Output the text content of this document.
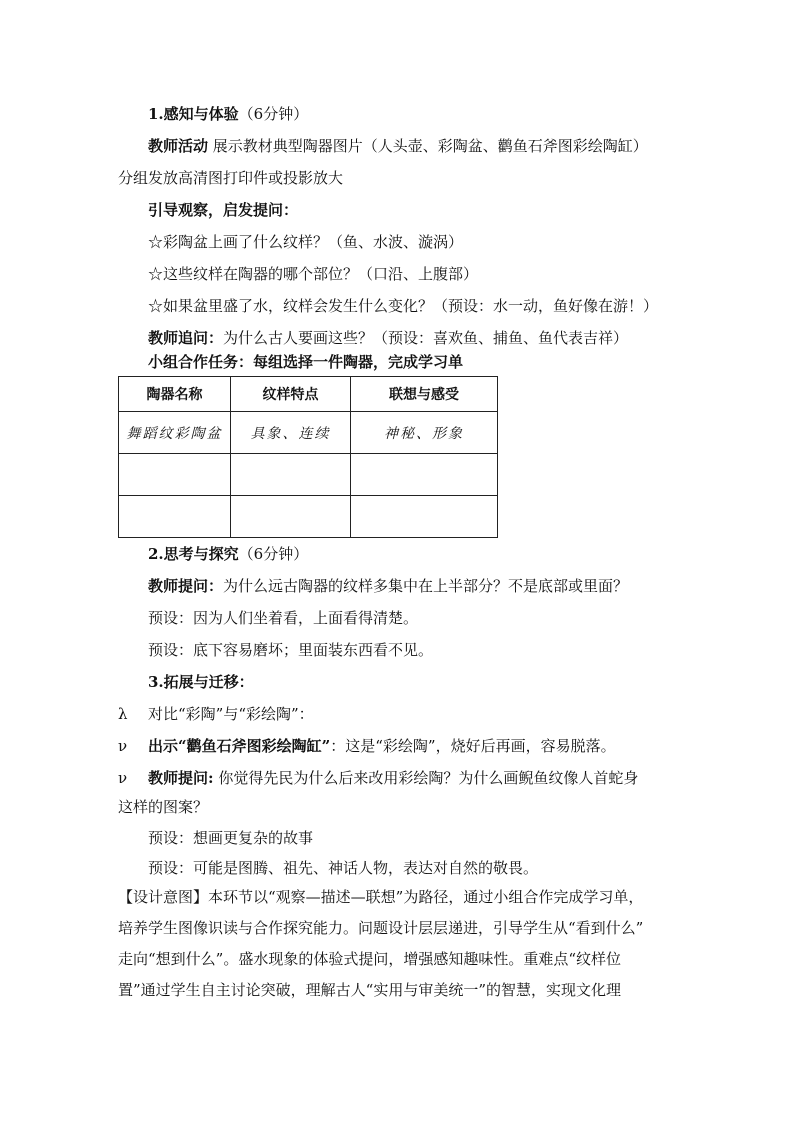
1.感知与体验（6分钟）
教师活动 展示教材典型陶器图片（人头壶、彩陶盆、鹳鱼石斧图彩绘陶缸）
分组发放高清图打印件或投影放大
引导观察，启发提问：
☆彩陶盆上画了什么纹样？（鱼、水波、漩涡）
☆这些纹样在陶器的哪个部位？（口沿、上腹部）
☆如果盆里盛了水，纹样会发生什么变化？（预设：水一动，鱼好像在游！）
教师追问：为什么古人要画这些？（预设：喜欢鱼、捕鱼、鱼代表吉祥）
小组合作任务：每组选择一件陶器，完成学习单
陶器名称	纹样特点	联想与感受
舞蹈纹彩陶盆	具象、连续	神秘、形象

2.思考与探究（6分钟）
教师提问：为什么远古陶器的纹样多集中在上半部分？不是底部或里面？
预设：因为人们坐着看，上面看得清楚。
预设：底下容易磨坏；里面装东西看不见。
3.拓展与迁移：
λ 对比“彩陶”与“彩绘陶”：
ν 出示“鹳鱼石斧图彩绘陶缸”：这是“彩绘陶”，烧好后再画，容易脱落。
ν 教师提问: 你觉得先民为什么后来改用彩绘陶？为什么画鲵鱼纹像人首蛇身
这样的图案？
预设：想画更复杂的故事
预设：可能是图腾、祖先、神话人物，表达对自然的敬畏。
【设计意图】本环节以“观察—描述—联想”为路径，通过小组合作完成学习单，
培养学生图像识读与合作探究能力。问题设计层层递进，引导学生从“看到什么”
走向“想到什么”。盛水现象的体验式提问，增强感知趣味性。重难点“纹样位
置”通过学生自主讨论突破，理解古人“实用与审美统一”的智慧，实现文化理
